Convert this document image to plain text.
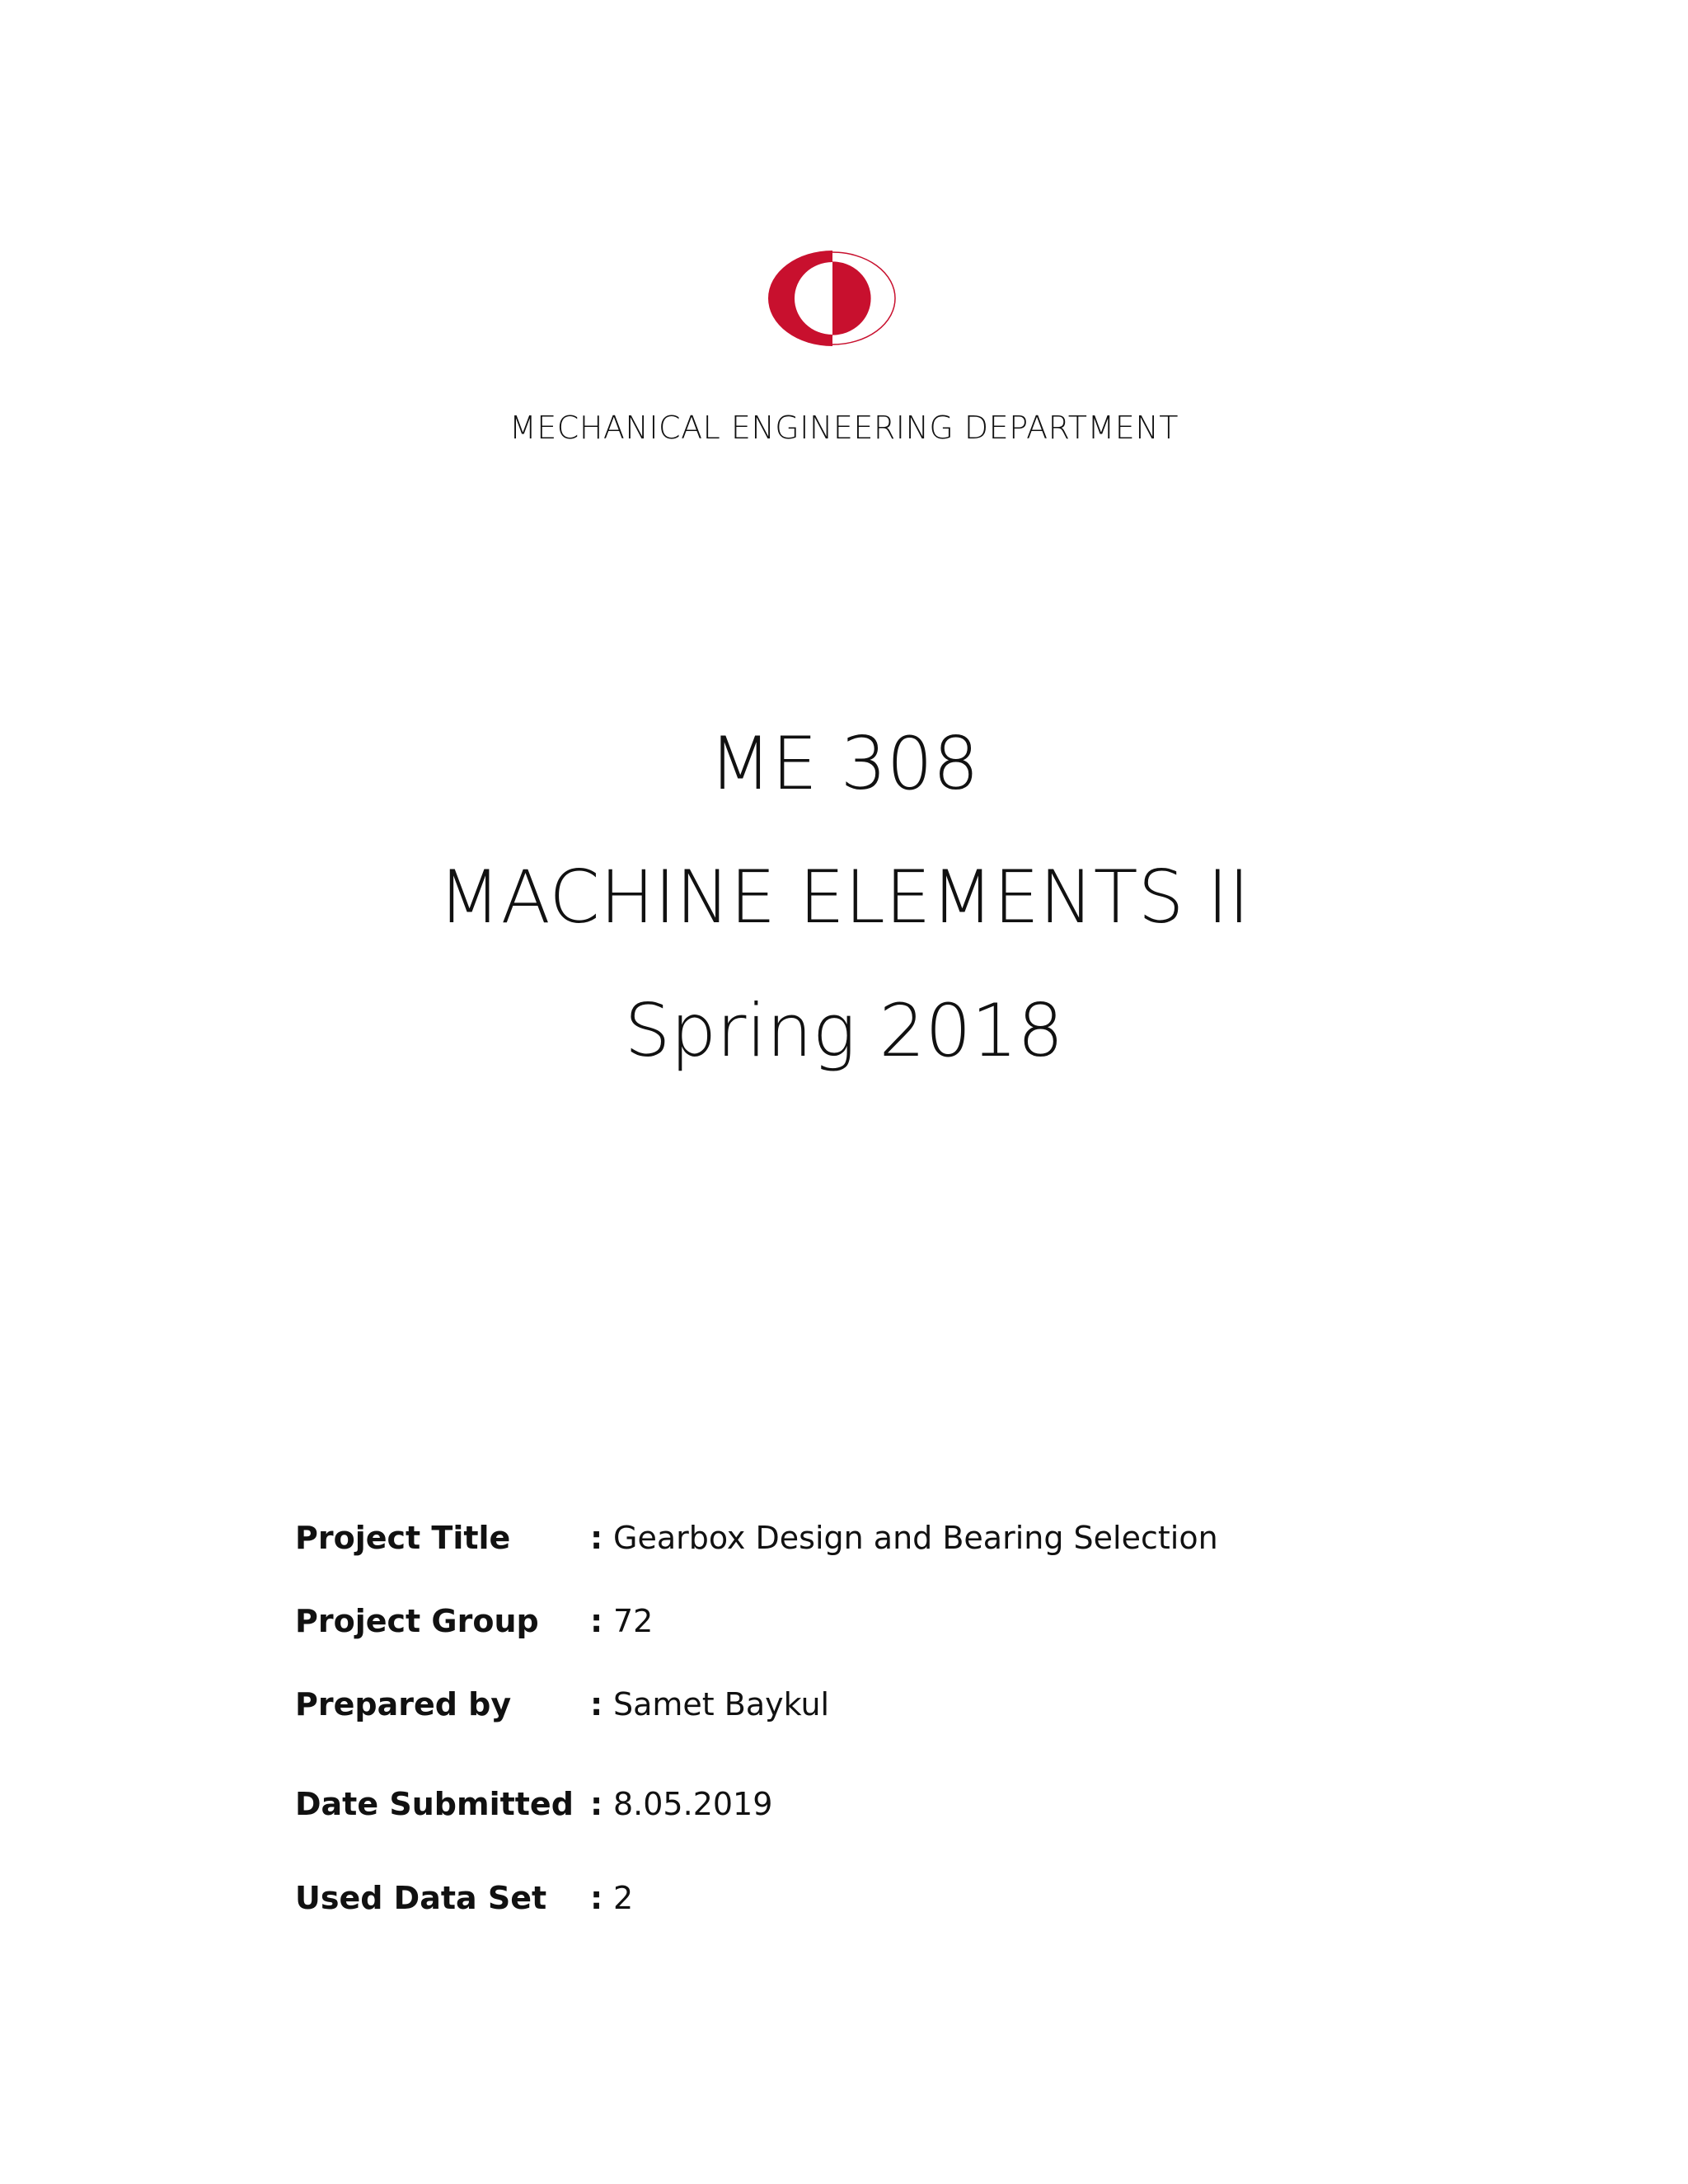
MECHANICAL ENGINEERING DEPARTMENT
ME 308
MACHINE ELEMENTS II
Spring 2018
Project Title	: Gearbox Design and Bearing Selection
Project Group : 72
Prepared by	: Samet Baykul
Date Submitted : 8.05.2019
Used Data Set : 2
